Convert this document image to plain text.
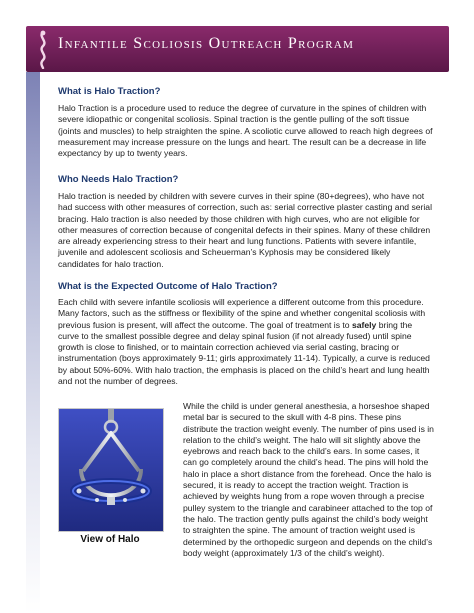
Infantile Scoliosis Outreach Program
What is Halo Traction?

Halo Traction is a procedure used to reduce the degree of curvature in the spines of children with severe idiopathic or congenital scoliosis. Spinal traction is the gentle pulling of the soft tissue (joints and muscles) to help straighten the spine. A scoliotic curve allowed to reach high degrees of measurement may increase pressure on the lungs and heart. The result can be a decrease in life expectancy by up to twenty years.

Who Needs Halo Traction?

Halo traction is needed by children with severe curves in their spine (80+degrees), who have not had success with other measures of correction, such as: serial corrective plaster casting and serial bracing. Halo traction is also needed by those children with high curves, who are not eligible for other measures of correction because of congenital defects in their spines. Many of these children are already experiencing stress to their heart and lung functions. Patients with severe infantile, juvenile and adolescent scoliosis and Scheuerman’s Kyphosis may be considered likely candidates for halo traction.

What is the Expected Outcome of Halo Traction?

Each child with severe infantile scoliosis will experience a different outcome from this procedure. Many factors, such as the stiffness or flexibility of the spine and whether congenital scoliosis with previous fusion is present, will affect the outcome. The goal of treatment is to safely bring the curve to the smallest possible degree and delay spinal fusion (if not already fused) until spine growth is close to finished, or to maintain correction achieved via serial casting, bracing or instrumentation (boys approximately 9-11; girls approximately 11-14). Typically, a curve is reduced by about 50%-60%. With halo traction, the emphasis is placed on the child’s heart and lung health and not the number of degrees.

View of Halo

While the child is under general anesthesia, a horseshoe shaped metal bar is secured to the skull with 4-8 pins. These pins distribute the traction weight evenly. The number of pins used is in relation to the child’s weight. The halo will sit slightly above the eyebrows and reach back to the child’s ears. In some cases, it can go completely around the child’s head. The pins will hold the halo in place a short distance from the forehead. Once the halo is secured, it is ready to accept the traction weight. Traction is achieved by weights hung from a rope woven through a precise pulley system to the triangle and carabineer attached to the top of the halo. The traction gently pulls against the child’s body weight to straighten the spine. The amount of traction weight used is determined by the orthopedic surgeon and depends on the child’s body weight (approximately 1/3 of the child’s weight).
